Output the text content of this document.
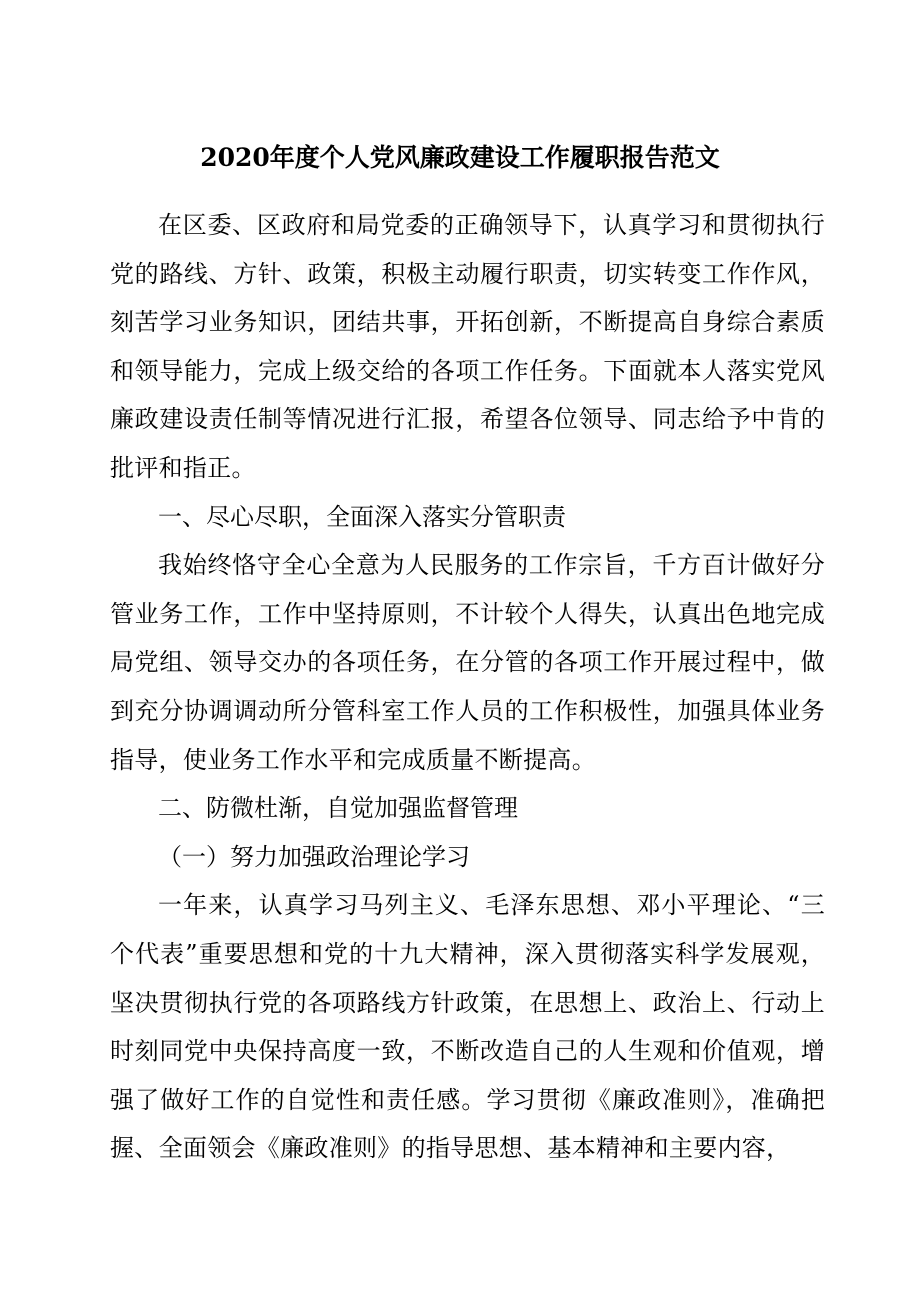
2020年度个人党风廉政建设工作履职报告范文

在区委、区政府和局党委的正确领导下，认真学习和贯彻执行党的路线、方针、政策，积极主动履行职责，切实转变工作作风，刻苦学习业务知识，团结共事，开拓创新，不断提高自身综合素质和领导能力，完成上级交给的各项工作任务。下面就本人落实党风廉政建设责任制等情况进行汇报，希望各位领导、同志给予中肯的批评和指正。

一、尽心尽职，全面深入落实分管职责

我始终恪守全心全意为人民服务的工作宗旨，千方百计做好分管业务工作，工作中坚持原则，不计较个人得失，认真出色地完成局党组、领导交办的各项任务，在分管的各项工作开展过程中，做到充分协调调动所分管科室工作人员的工作积极性，加强具体业务指导，使业务工作水平和完成质量不断提高。

二、防微杜渐，自觉加强监督管理

（一）努力加强政治理论学习

一年来，认真学习马列主义、毛泽东思想、邓小平理论、“三个代表”重要思想和党的十九大精神，深入贯彻落实科学发展观，坚决贯彻执行党的各项路线方针政策，在思想上、政治上、行动上时刻同党中央保持高度一致，不断改造自己的人生观和价值观，增强了做好工作的自觉性和责任感。学习贯彻《廉政准则》，准确把握、全面领会《廉政准则》的指导思想、基本精神和主要内容，
